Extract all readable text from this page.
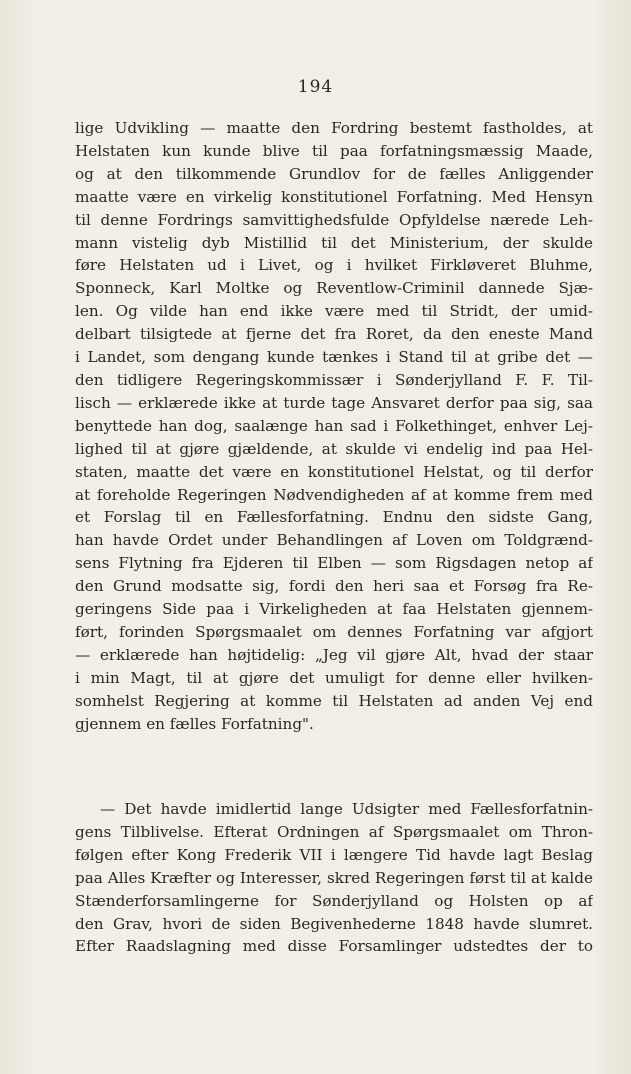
194
lige Udvikling — maatte den Fordring bestemt fastholdes, at
Helstaten kun kunde blive til paa forfatningsmæssig Maade,
og at den tilkommende Grundlov for de fælles Anliggender
maatte være en virkelig konstitutionel Forfatning. Med Hensyn
til denne Fordrings samvittighedsfulde Opfyldelse nærede Leh-
mann vistelig dyb Mistillid til det Ministerium, der skulde
føre Helstaten ud i Livet, og i hvilket Firkløveret Bluhme,
Sponneck, Karl Moltke og Reventlow-Criminil dannede Sjæ-
len. Og vilde han end ikke være med til Stridt, der umid-
delbart tilsigtede at fjerne det fra Roret, da den eneste Mand
i Landet, som dengang kunde tænkes i Stand til at gribe det —
den tidligere Regeringskommissær i Sønderjylland F. F. Til-
lisch — erklærede ikke at turde tage Ansvaret derfor paa sig, saa
benyttede han dog, saalænge han sad i Folkethinget, enhver Lej-
lighed til at gjøre gjældende, at skulde vi endelig ind paa Hel-
staten, maatte det være en konstitutionel Helstat, og til derfor
at foreholde Regeringen Nødvendigheden af at komme frem med
et Forslag til en Fællesforfatning. Endnu den sidste Gang,
han havde Ordet under Behandlingen af Loven om Toldgrænd-
sens Flytning fra Ejderen til Elben — som Rigsdagen netop af
den Grund modsatte sig, fordi den heri saa et Forsøg fra Re-
geringens Side paa i Virkeligheden at faa Helstaten gjennem-
ført, forinden Spørgsmaalet om dennes Forfatning var afgjort
— erklærede han højtidelig: „Jeg vil gjøre Alt, hvad der staar
i min Magt, til at gjøre det umuligt for denne eller hvilken-
somhelst Regjering at komme til Helstaten ad anden Vej end
gjennem en fælles Forfatning".
— Det havde imidlertid lange Udsigter med Fællesforfatnin-
gens Tilblivelse. Efterat Ordningen af Spørgsmaalet om Thron-
følgen efter Kong Frederik VII i længere Tid havde lagt Beslag
paa Alles Kræfter og Interesser, skred Regeringen først til at kalde
Stænderforsamlingerne for Sønderjylland og Holsten op af
den Grav, hvori de siden Begivenhederne 1848 havde slumret.
Efter Raadslagning med disse Forsamlinger udstedtes der to
